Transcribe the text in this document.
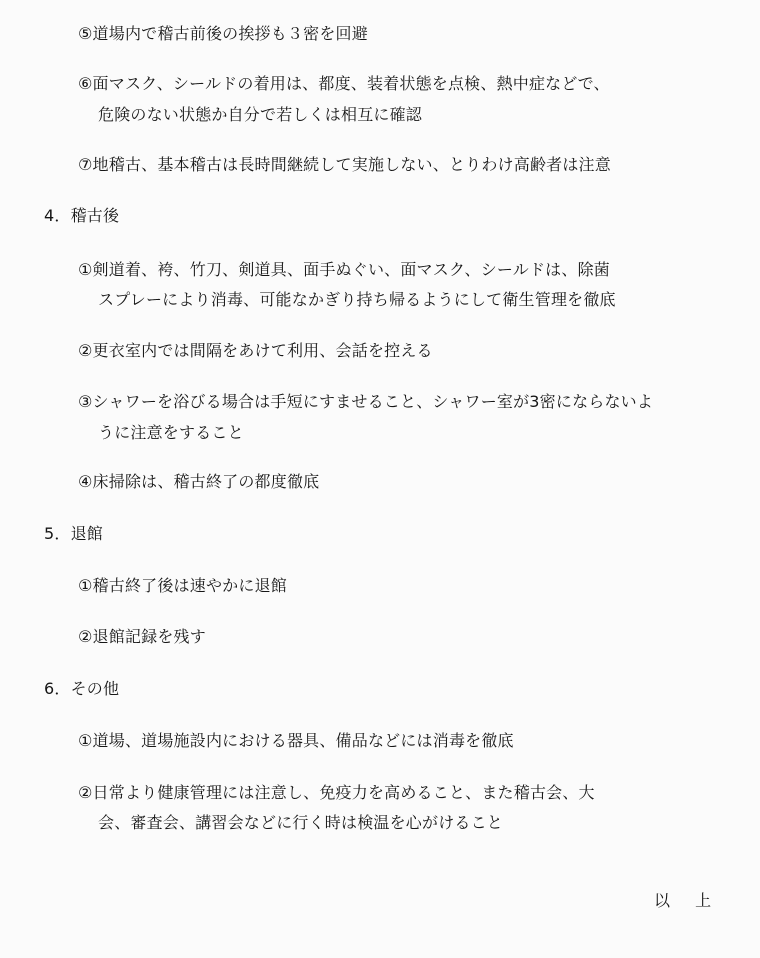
⑤道場内で稽古前後の挨拶も３密を回避
⑥面マスク、シールドの着用は、都度、装着状態を点検、熱中症などで、
危険のない状態か自分で若しくは相互に確認
⑦地稽古、基本稽古は長時間継続して実施しない、とりわけ高齢者は注意
4．稽古後
①剣道着、袴、竹刀、剣道具、面手ぬぐい、面マスク、シールドは、除菌
スプレーにより消毒、可能なかぎり持ち帰るようにして衛生管理を徹底
②更衣室内では間隔をあけて利用、会話を控える
③シャワーを浴びる場合は手短にすませること、シャワー室が3密にならないよ
うに注意をすること
④床掃除は、稽古終了の都度徹底
5．退館
①稽古終了後は速やかに退館
②退館記録を残す
6．その他
①道場、道場施設内における器具、備品などには消毒を徹底
②日常より健康管理には注意し、免疫力を高めること、また稽古会、大
会、審査会、講習会などに行く時は検温を心がけること
以 上
